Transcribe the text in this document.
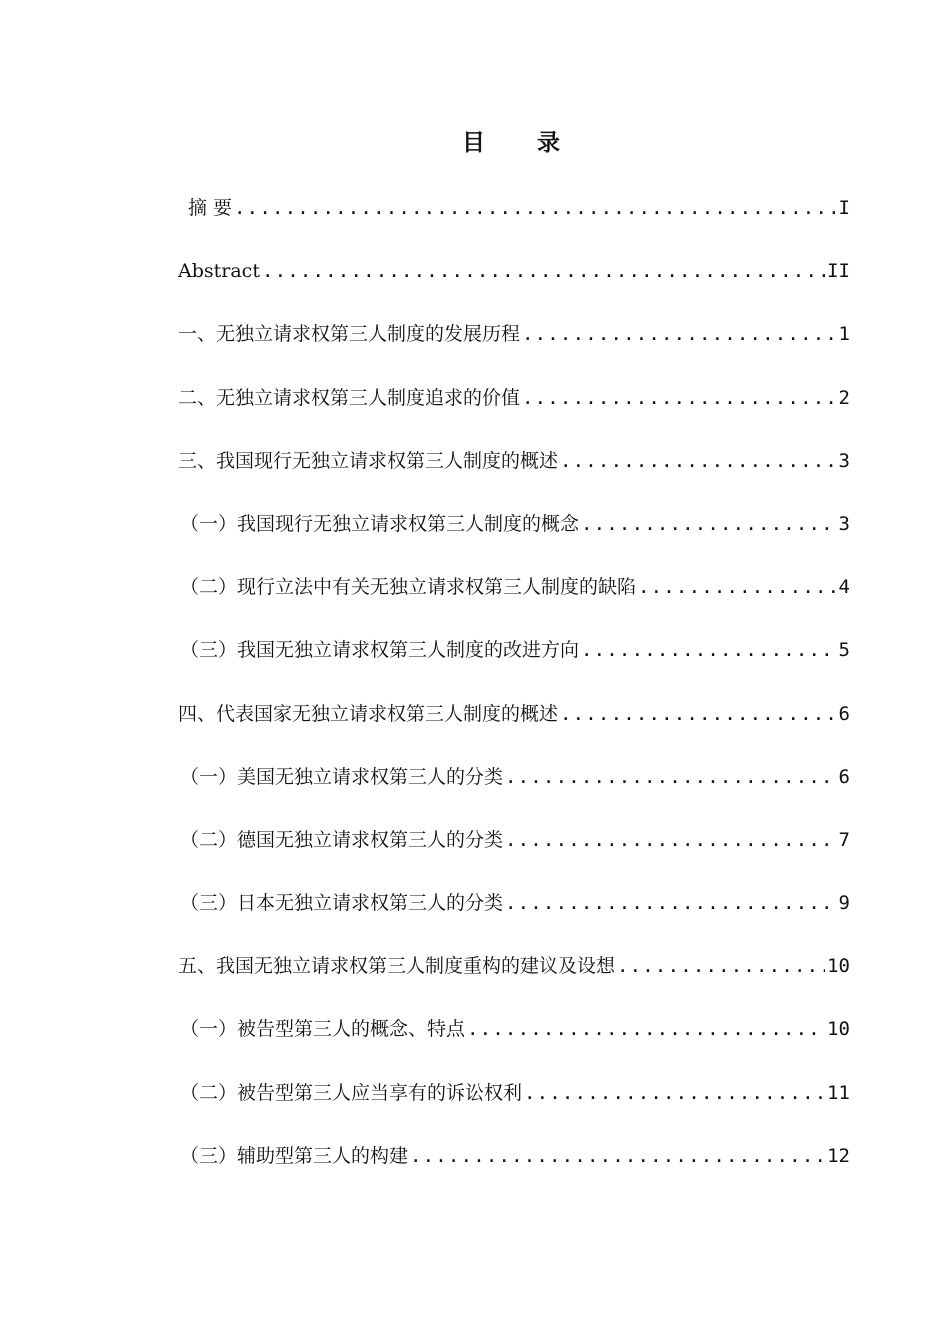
目 录
摘 要 .....	I
Abstract .....	II
一、无独立请求权第三人制度的发展历程 .....	1
二、无独立请求权第三人制度追求的价值 .....	2
三、我国现行无独立请求权第三人制度的概述 .....	3
（一）我国现行无独立请求权第三人制度的概念 .....	3
（二）现行立法中有关无独立请求权第三人制度的缺陷 .....	4
（三）我国无独立请求权第三人制度的改进方向 .....	5
四、代表国家无独立请求权第三人制度的概述 .....	6
（一）美国无独立请求权第三人的分类 .....	6
（二）德国无独立请求权第三人的分类 .....	7
（三）日本无独立请求权第三人的分类 .....	9
五、我国无独立请求权第三人制度重构的建议及设想 .....	10
（一）被告型第三人的概念、特点 .....	10
（二）被告型第三人应当享有的诉讼权利 .....	11
（三）辅助型第三人的构建 .....	12
